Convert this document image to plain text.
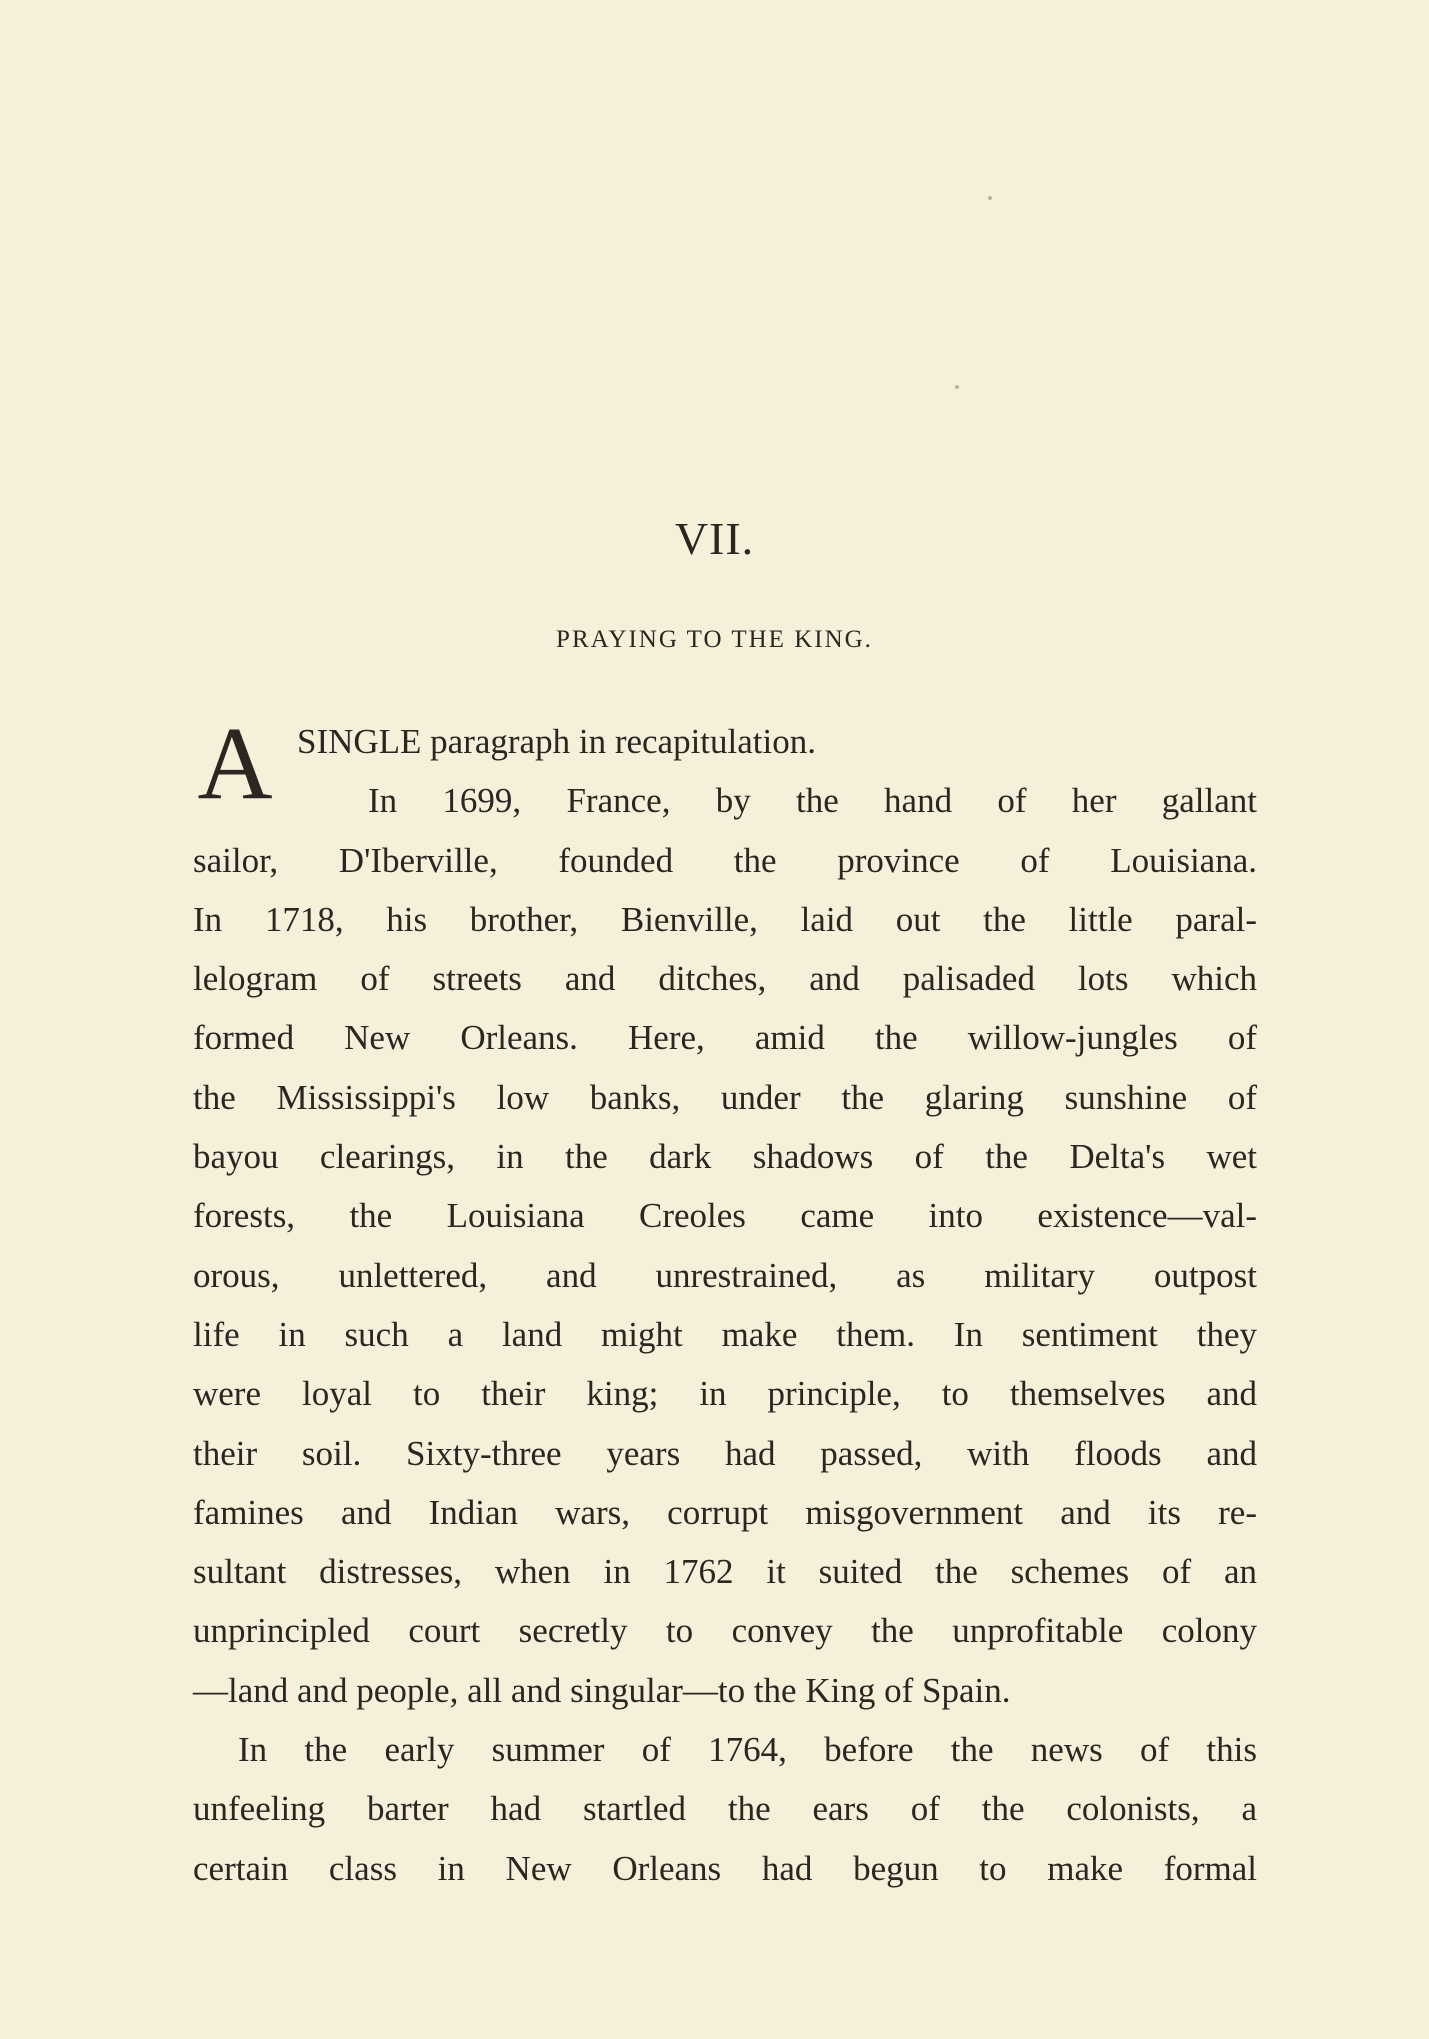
VII.
PRAYING TO THE KING.
A SINGLE paragraph in recapitulation.
In 1699, France, by the hand of her gallant
sailor, D'Iberville, founded the province of Louisiana.
In 1718, his brother, Bienville, laid out the little paral-
lelogram of streets and ditches, and palisaded lots which
formed New Orleans. Here, amid the willow-jungles of
the Mississippi's low banks, under the glaring sunshine of
bayou clearings, in the dark shadows of the Delta's wet
forests, the Louisiana Creoles came into existence—val-
orous, unlettered, and unrestrained, as military outpost
life in such a land might make them. In sentiment they
were loyal to their king; in principle, to themselves and
their soil. Sixty-three years had passed, with floods and
famines and Indian wars, corrupt misgovernment and its re-
sultant distresses, when in 1762 it suited the schemes of an
unprincipled court secretly to convey the unprofitable colony
—land and people, all and singular—to the King of Spain.
In the early summer of 1764, before the news of this
unfeeling barter had startled the ears of the colonists, a
certain class in New Orleans had begun to make formal
